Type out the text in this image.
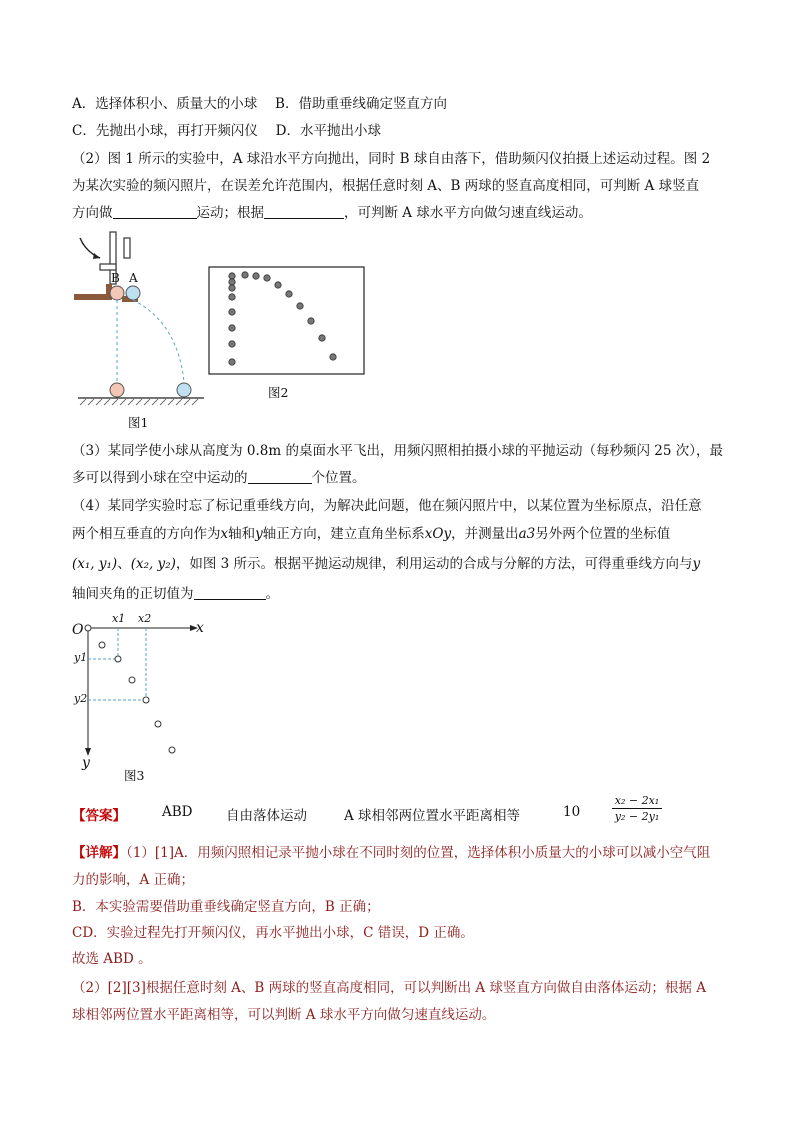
A．选择体积小、质量大的小球　 B．借助重垂线确定竖直方向
C．先抛出小球，再打开频闪仪　 D．水平抛出小球
（2）图 1 所示的实验中，A 球沿水平方向抛出，同时 B 球自由落下，借助频闪仪拍摄上述运动过程。图 2
为某次实验的频闪照片，在误差允许范围内，根据任意时刻 A、B 两球的竖直高度相同，可判断 A 球竖直
方向做	运动；根据	，可判断 A 球水平方向做匀速直线运动。
B A
图1
图2
（3）某同学使小球从高度为 0.8m 的桌面水平飞出，用频闪照相拍摄小球的平抛运动（每秒频闪 25 次），最
多可以得到小球在空中运动的	个位置。
（4）某同学实验时忘了标记重垂线方向，为解决此问题，他在频闪照片中，以某位置为坐标原点，沿任意
两个相互垂直的方向作为x轴和y轴正方向，建立直角坐标系xOy，并测量出a3另外两个位置的坐标值
(x₁, y₁)、(x₂, y₂)，如图 3 所示。根据平抛运动规律，利用运动的合成与分解的方法，可得重垂线方向与y
轴间夹角的正切值为	。
O
x1 x2
x
y1
y2
y
图3
【答案】	ABD 自由落体运动	A 球相邻两位置水平距离相等	10	$\frac{\text{x₂ − 2x₁}}{\text{y₂ − 2y₁}}$
【详解】（1）[1]A．用频闪照相记录平抛小球在不同时刻的位置，选择体积小质量大的小球可以减小空气阻
力的影响，A 正确；
B．本实验需要借助重垂线确定竖直方向，B 正确；
CD．实验过程先打开频闪仪，再水平抛出小球，C 错误，D 正确。
故选 ABD 。
（2）[2][3]根据任意时刻 A、B 两球的竖直高度相同，可以判断出 A 球竖直方向做自由落体运动；根据 A
球相邻两位置水平距离相等，可以判断 A 球水平方向做匀速直线运动。
